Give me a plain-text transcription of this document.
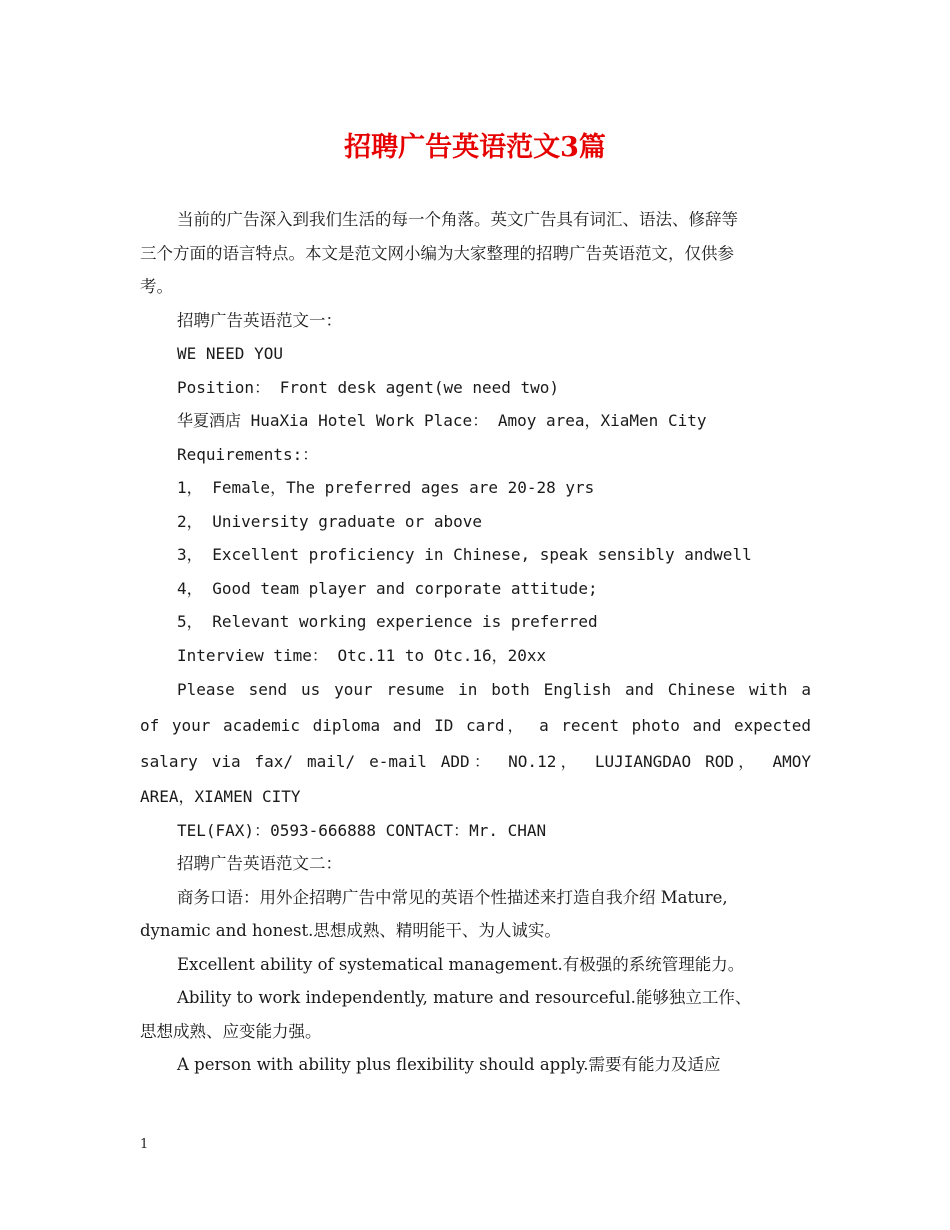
招聘广告英语范文3篇
当前的广告深入到我们生活的每一个角落。英文广告具有词汇、语法、修辞等
三个方面的语言特点。本文是范文网小编为大家整理的招聘广告英语范文，仅供参
考。
招聘广告英语范文一：
WE NEED YOU
Position： Front desk agent(we need two)
华夏酒店 HuaXia Hotel Work Place： Amoy area，XiaMen City
Requirements:：
1， Female，The preferred ages are 20-28 yrs
2， University graduate or above
3， Excellent proficiency in Chinese, speak sensibly andwell
4， Good team player and corporate attitude;
5， Relevant working experience is preferred
Interview time： Otc.11 to Otc.16，20xx
Please send us your resume in both English and Chinese with a
of your academic diploma and ID card， a recent photo and expected
salary via fax/ mail/ e-mail ADD： NO.12， LUJIANGDAO ROD， AMOY
AREA，XIAMEN CITY
TEL(FAX)：0593-666888 CONTACT：Mr. CHAN
招聘广告英语范文二：
商务口语：用外企招聘广告中常见的英语个性描述来打造自我介绍 Mature,
dynamic and honest.思想成熟、精明能干、为人诚实。
Excellent ability of systematical management.有极强的系统管理能力。
Ability to work independently, mature and resourceful.能够独立工作、
思想成熟、应变能力强。
A person with ability plus flexibility should apply.需要有能力及适应
1
